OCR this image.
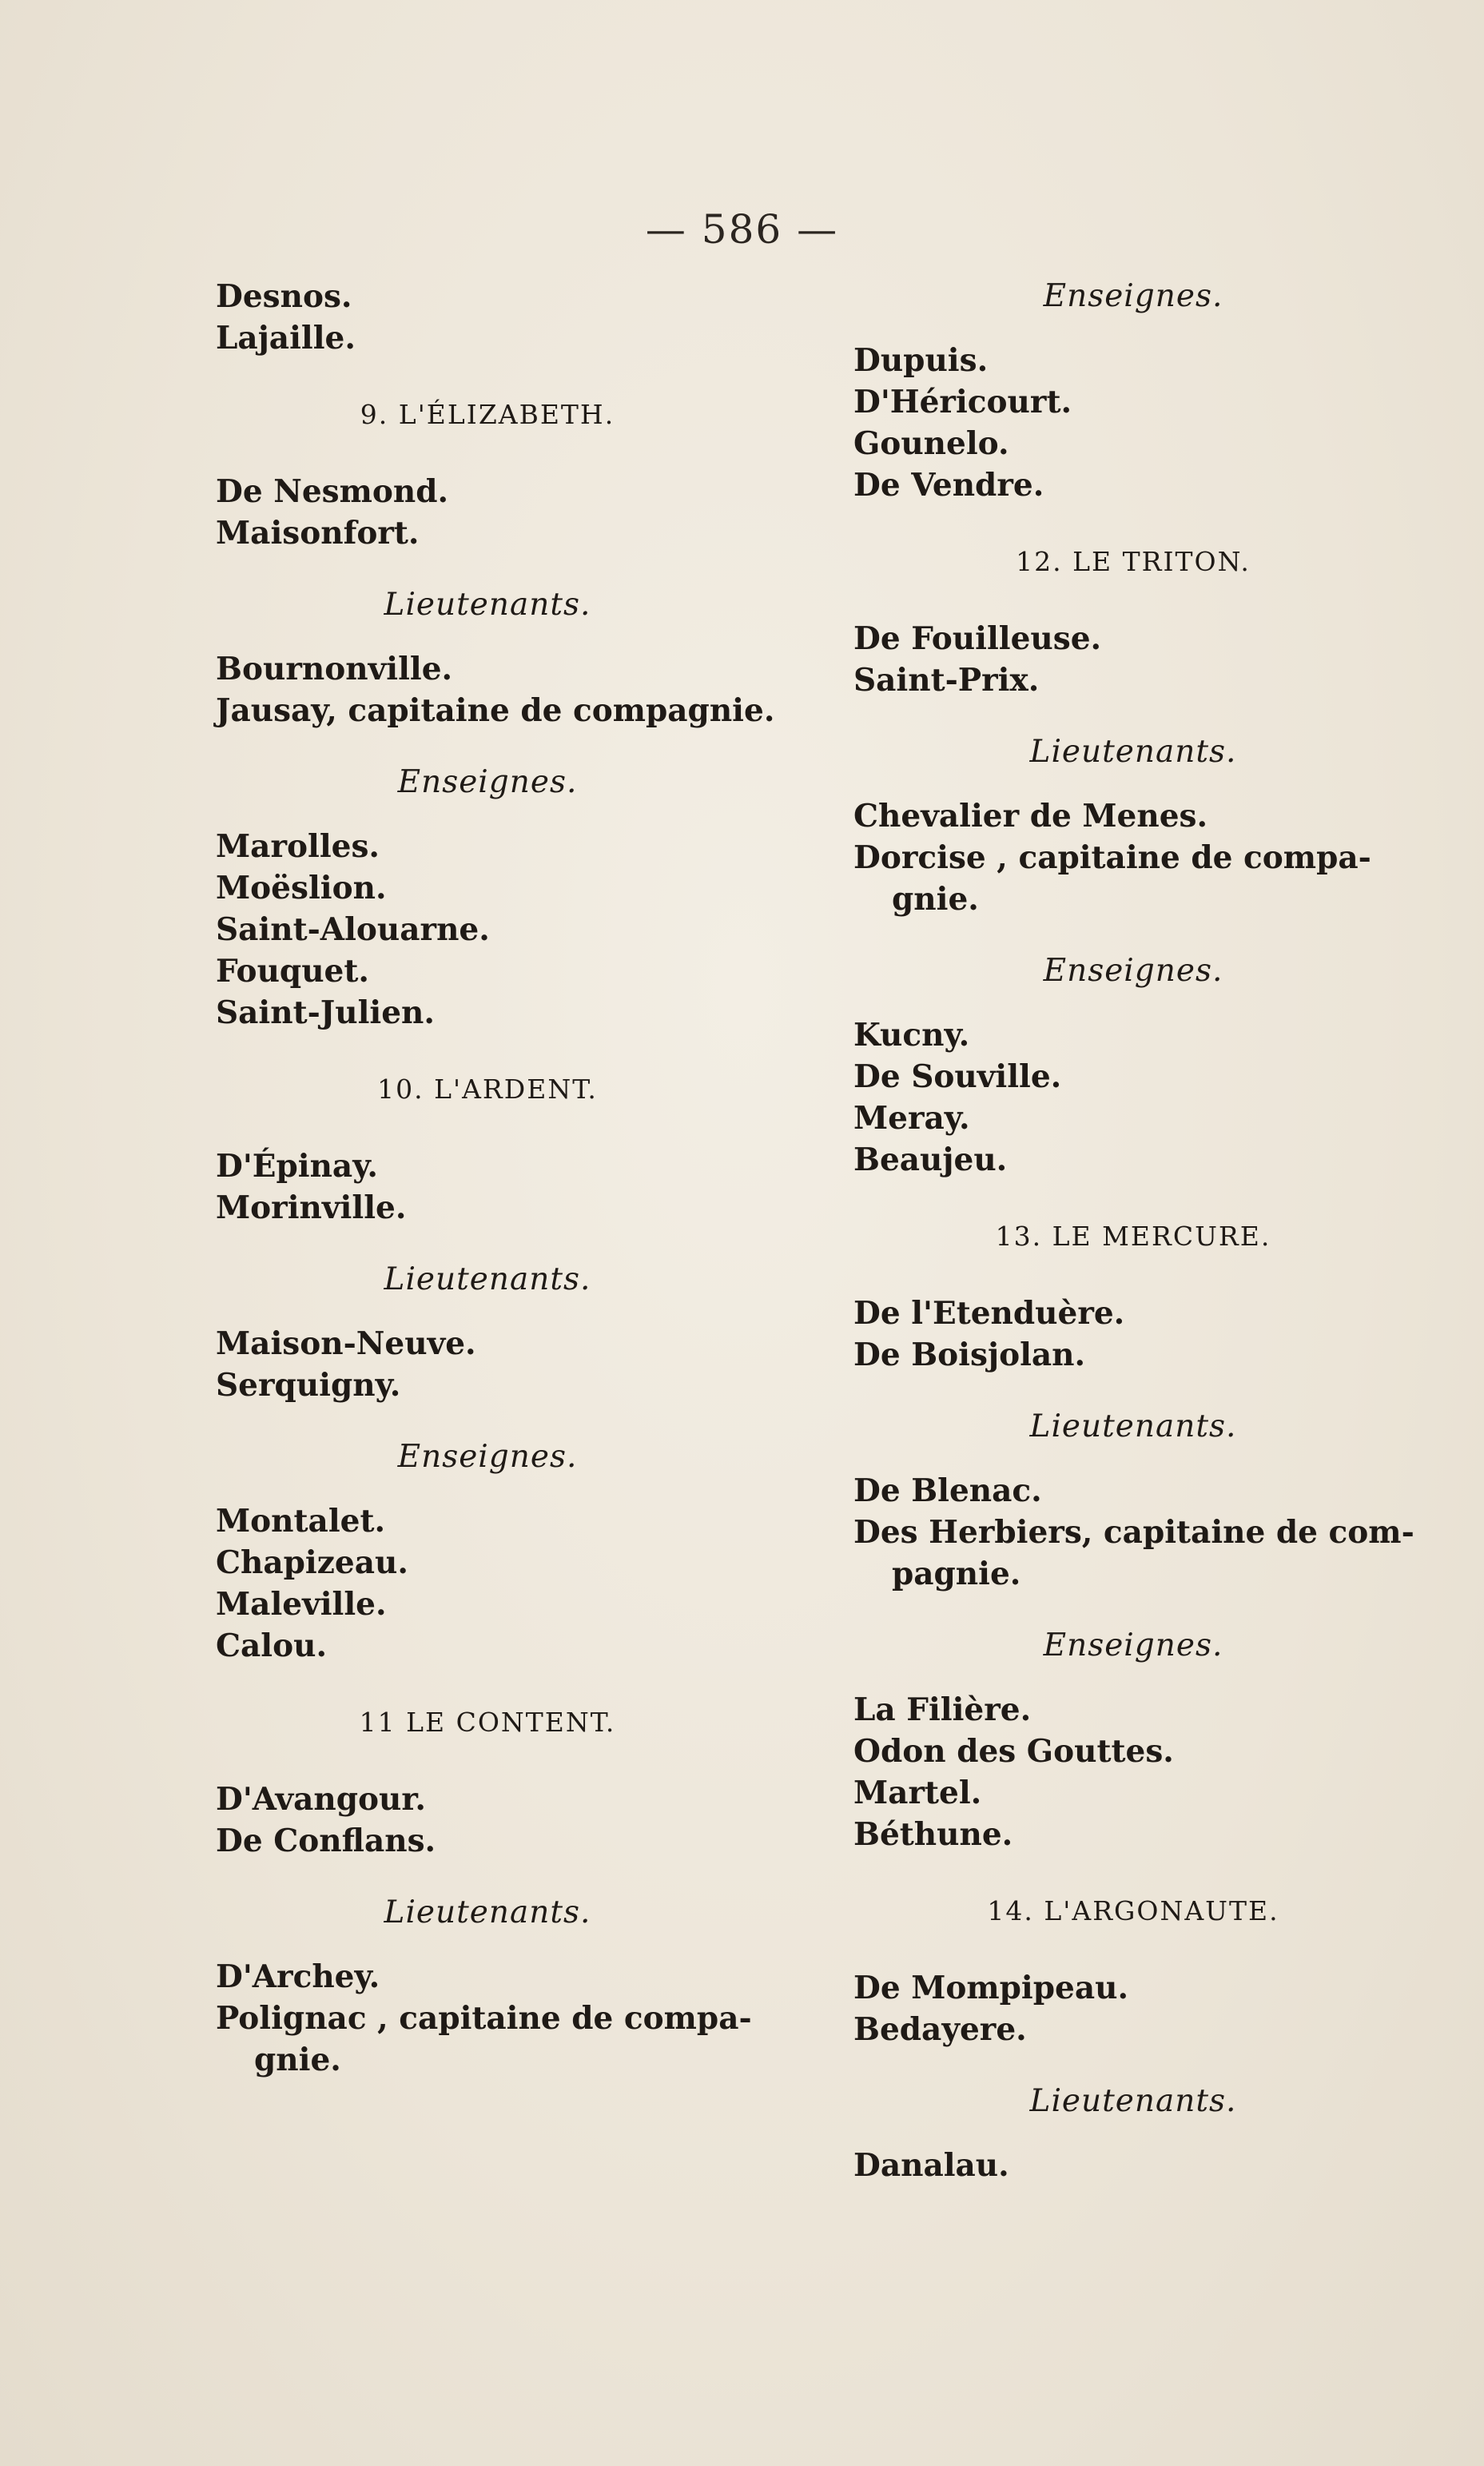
— 586 —
Desnos.
Lajaille.
9. L'ÉLIZABETH.
De Nesmond.
Maisonfort.
Lieutenants.
Bournonville.
Jausay, capitaine de compagnie.
Enseignes.
Marolles.
Moëslion.
Saint-Alouarne.
Fouquet.
Saint-Julien.
10. L'ARDENT.
D'Épinay.
Morinville.
Lieutenants.
Maison-Neuve.
Serquigny.
Enseignes.
Montalet.
Chapizeau.
Maleville.
Calou.
11 LE CONTENT.
D'Avangour.
De Conflans.
Lieutenants.
D'Archey.
Polignac , capitaine de compa-
gnie.
Enseignes.
Dupuis.
D'Héricourt.
Gounelo.
De Vendre.
12. LE TRITON.
De Fouilleuse.
Saint-Prix.
Lieutenants.
Chevalier de Menes.
Dorcise , capitaine de compa-
gnie.
Enseignes.
Kucny.
De Souville.
Meray.
Beaujeu.
13. LE MERCURE.
De l'Etenduère.
De Boisjolan.
Lieutenants.
De Blenac.
Des Herbiers, capitaine de com-
pagnie.
Enseignes.
La Filière.
Odon des Gouttes.
Martel.
Béthune.
14. L'ARGONAUTE.
De Mompipeau.
Bedayere.
Lieutenants.
Danalau.
